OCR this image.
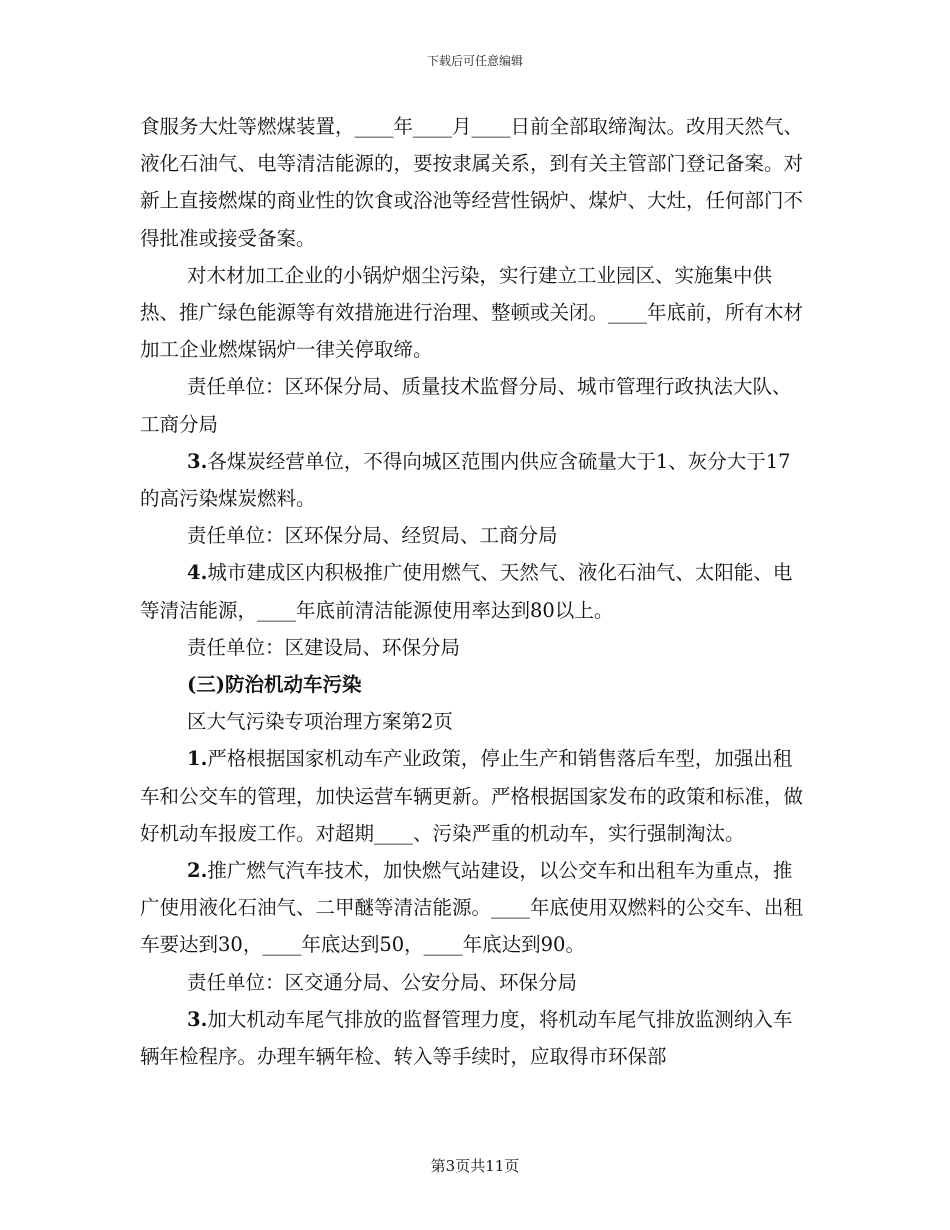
下载后可任意编辑

食服务大灶等燃煤装置，____年____月____日前全部取缔淘汰。改用天然气、液化石油气、电等清洁能源的，要按隶属关系，到有关主管部门登记备案。对新上直接燃煤的商业性的饮食或浴池等经营性锅炉、煤炉、大灶，任何部门不得批准或接受备案。

对木材加工企业的小锅炉烟尘污染，实行建立工业园区、实施集中供热、推广绿色能源等有效措施进行治理、整顿或关闭。____年底前，所有木材加工企业燃煤锅炉一律关停取缔。

责任单位：区环保分局、质量技术监督分局、城市管理行政执法大队、工商分局

3.各煤炭经营单位，不得向城区范围内供应含硫量大于1、灰分大于17的高污染煤炭燃料。

责任单位：区环保分局、经贸局、工商分局

4.城市建成区内积极推广使用燃气、天然气、液化石油气、太阳能、电等清洁能源，____年底前清洁能源使用率达到80以上。

责任单位：区建设局、环保分局

(三)防治机动车污染

区大气污染专项治理方案第2页

1.严格根据国家机动车产业政策，停止生产和销售落后车型，加强出租车和公交车的管理，加快运营车辆更新。严格根据国家发布的政策和标准，做好机动车报废工作。对超期____、污染严重的机动车，实行强制淘汰。

2.推广燃气汽车技术，加快燃气站建设，以公交车和出租车为重点，推广使用液化石油气、二甲醚等清洁能源。____年底使用双燃料的公交车、出租车要达到30，____年底达到50，____年底达到90。

责任单位：区交通分局、公安分局、环保分局

3.加大机动车尾气排放的监督管理力度，将机动车尾气排放监测纳入车辆年检程序。办理车辆年检、转入等手续时，应取得市环保部

第3页共11页
